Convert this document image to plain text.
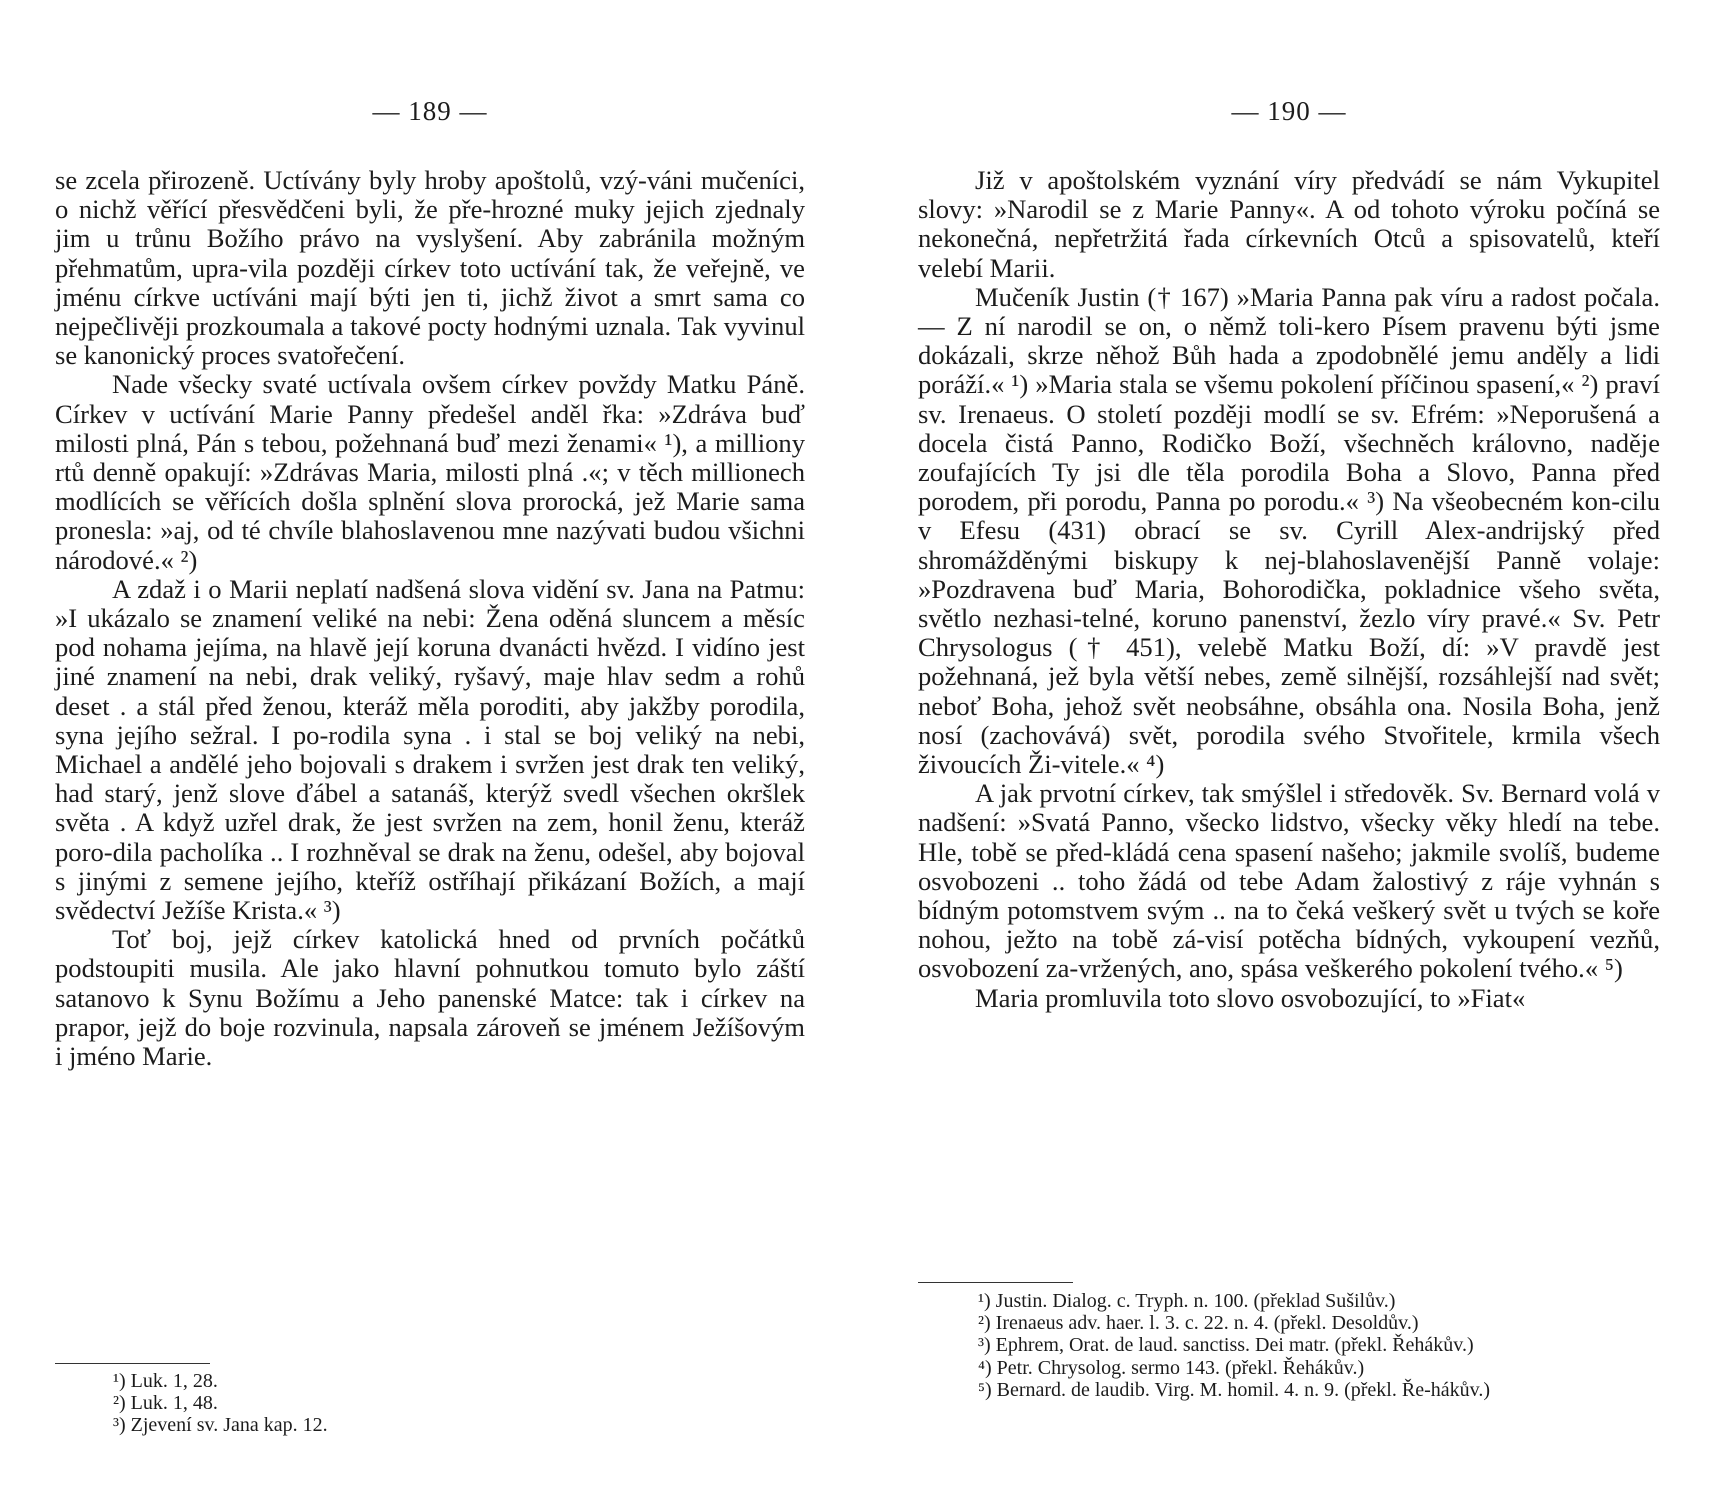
— 189 —

se zcela přirozeně. Uctívány byly hroby apoštolů, vzý-váni mučeníci, o nichž věřící přesvědčeni byli, že pře-hrozné muky jejich zjednaly jim u trůnu Božího právo na vyslyšení. Aby zabránila možným přehmatům, upra-vila později církev toto uctívání tak, že veřejně, ve jménu církve uctíváni mají býti jen ti, jichž život a smrt sama co nejpečlivěji prozkoumala a takové pocty hodnými uznala. Tak vyvinul se kanonický proces svatořečení.

Nade všecky svaté uctívala ovšem církev povždy Matku Páně. Církev v uctívání Marie Panny předešel anděl řka: »Zdráva buď milosti plná, Pán s tebou, požehnaná buď mezi ženami« ¹), a milliony rtů denně opakují: »Zdrávas Maria, milosti plná .«; v těch millionech modlících se věřících došla splnění slova prorocká, jež Marie sama pronesla: »aj, od té chvíle blahoslavenou mne nazývati budou všichni národové.« ²)

A zdaž i o Marii neplatí nadšená slova vidění sv. Jana na Patmu: »I ukázalo se znamení veliké na nebi: Žena oděná sluncem a měsíc pod nohama jejíma, na hlavě její koruna dvanácti hvězd. I vidíno jest jiné znamení na nebi, drak veliký, ryšavý, maje hlav sedm a rohů deset . a stál před ženou, kteráž měla poroditi, aby jakžby porodila, syna jejího sežral. I po-rodila syna . i stal se boj veliký na nebi, Michael a andělé jeho bojovali s drakem i svržen jest drak ten veliký, had starý, jenž slove ďábel a satanáš, kterýž svedl všechen okršlek světa . A když uzřel drak, že jest svržen na zem, honil ženu, kteráž poro-dila pacholíka .. I rozhněval se drak na ženu, odešel, aby bojoval s jinými z semene jejího, kteříž ostříhají přikázaní Božích, a mají svědectví Ježíše Krista.« ³)

Toť boj, jejž církev katolická hned od prvních počátků podstoupiti musila. Ale jako hlavní pohnutkou tomuto bylo záští satanovo k Synu Božímu a Jeho panenské Matce: tak i církev na prapor, jejž do boje rozvinula, napsala zároveň se jménem Ježíšovým i jméno Marie.

¹) Luk. 1, 28.
²) Luk. 1, 48.
³) Zjevení sv. Jana kap. 12.
— 190 —

Již v apoštolském vyznání víry předvádí se nám Vykupitel slovy: »Narodil se z Marie Panny«. A od tohoto výroku počíná se nekonečná, nepřetržitá řada církevních Otců a spisovatelů, kteří velebí Marii.

Mučeník Justin († 167) »Maria Panna pak víru a radost počala. — Z ní narodil se on, o němž toli-kero Písem pravenu býti jsme dokázali, skrze něhož Bůh hada a zpodobnělé jemu anděly a lidi poráží.« ¹) »Maria stala se všemu pokolení příčinou spasení,« ²) praví sv. Irenaeus. O století později modlí se sv. Efrém: »Neporušená a docela čistá Panno, Rodičko Boží, všechněch královno, naděje zoufajících Ty jsi dle těla porodila Boha a Slovo, Panna před porodem, při porodu, Panna po porodu.« ³) Na všeobecném kon-cilu v Efesu (431) obrací se sv. Cyrill Alex-andrijský před shromážděnými biskupy k nej-blahoslavenější Panně volaje: »Pozdravena buď Maria, Bohorodička, pokladnice všeho světa, světlo nezhasi-telné, koruno panenství, žezlo víry pravé.« Sv. Petr Chrysologus († 451), velebě Matku Boží, dí: »V pravdě jest požehnaná, jež byla větší nebes, země silnější, rozsáhlejší nad svět; neboť Boha, jehož svět neobsáhne, obsáhla ona. Nosila Boha, jenž nosí (zachovává) svět, porodila svého Stvořitele, krmila všech živoucích Ži-vitele.« ⁴)

A jak prvotní církev, tak smýšlel i středověk. Sv. Bernard volá v nadšení: »Svatá Panno, všecko lidstvo, všecky věky hledí na tebe. Hle, tobě se před-kládá cena spasení našeho; jakmile svolíš, budeme osvobozeni .. toho žádá od tebe Adam žalostivý z ráje vyhnán s bídným potomstvem svým .. na to čeká veškerý svět u tvých se koře nohou, ježto na tobě zá-visí potěcha bídných, vykoupení vezňů, osvobození za-vržených, ano, spása veškerého pokolení tvého.« ⁵)

Maria promluvila toto slovo osvobozující, to »Fiat«

¹) Justin. Dialog. c. Tryph. n. 100. (překlad Sušilův.)
²) Irenaeus adv. haer. l. 3. c. 22. n. 4. (překl. Desoldův.)
³) Ephrem, Orat. de laud. sanctiss. Dei matr. (překl. Řehákův.)
⁴) Petr. Chrysolog. sermo 143. (překl. Řehákův.)
⁵) Bernard. de laudib. Virg. M. homil. 4. n. 9. (překl. Ře-hákův.)
